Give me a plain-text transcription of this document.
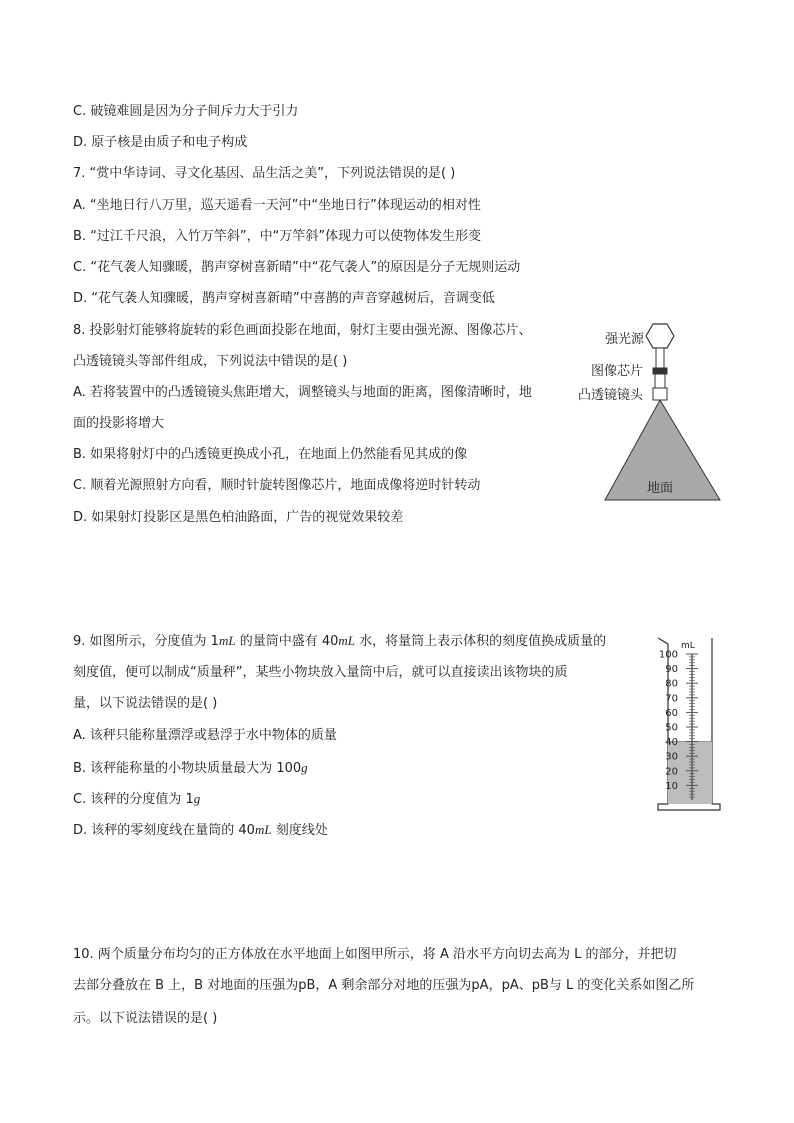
C. 破镜难圆是因为分子间斥力大于引力
D. 原子核是由质子和电子构成
7. “赏中华诗词、寻文化基因、品生活之美”，下列说法错误的是( )
A. “坐地日行八万里，巡天遥看一天河”中“坐地日行”体现运动的相对性
B. “过江千尺浪，入竹万竿斜”，中“万竿斜”体现力可以使物体发生形变
C. “花气袭人知骤暖，鹊声穿树喜新晴”中“花气袭人”的原因是分子无规则运动
D. “花气袭人知骤暖，鹊声穿树喜新晴”中喜鹊的声音穿越树后，音调变低
8. 投影射灯能够将旋转的彩色画面投影在地面，射灯主要由强光源、图像芯片、
凸透镜镜头等部件组成，下列说法中错误的是( )
A. 若将装置中的凸透镜镜头焦距增大，调整镜头与地面的距离，图像清晰时，地
面的投影将增大
B. 如果将射灯中的凸透镜更换成小孔，在地面上仍然能看见其成的像
C. 顺着光源照射方向看，顺时针旋转图像芯片，地面成像将逆时针转动
D. 如果射灯投影区是黑色柏油路面，广告的视觉效果较差
9. 如图所示，分度值为 1mL 的量筒中盛有 40mL 水，将量筒上表示体积的刻度值换成质量的
刻度值，便可以制成“质量秤”，某些小物块放入量筒中后，就可以直接读出该物块的质
量，以下说法错误的是( )
A. 该秤只能称量漂浮或悬浮于水中物体的质量
B. 该秤能称量的小物块质量最大为 100g
C. 该秤的分度值为 1g
D. 该秤的零刻度线在量筒的 40mL 刻度线处
10. 两个质量分布均匀的正方体放在水平地面上如图甲所示，将 A 沿水平方向切去高为 L 的部分，并把切
去部分叠放在 B 上，B 对地面的压强为pB，A 剩余部分对地的压强为pA，pA、pB与 L 的变化关系如图乙所
示。以下说法错误的是( )
强光源
图像芯片
凸透镜镜头
地面
mL
100
90
80
70
60
50
40
30
20
10
